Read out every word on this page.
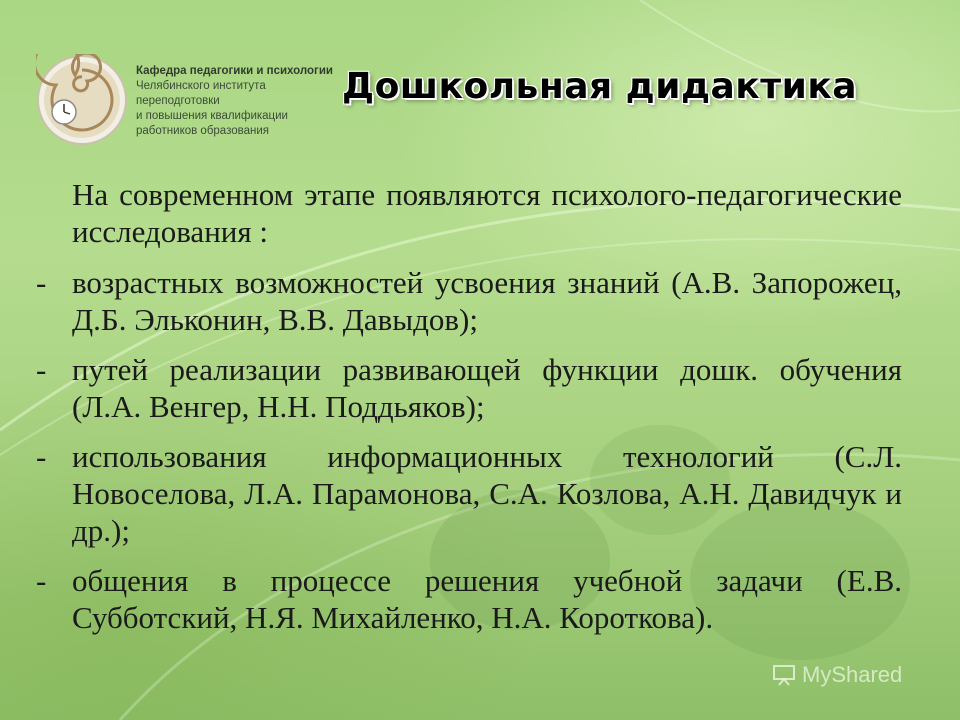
Кафедра педагогики и психологии
Челябинского института переподготовки
и повышения квалификации
работников образования
Дошкольная дидактика

На современном этапе появляются психолого-педагогические исследования :

- возрастных возможностей усвоения знаний (А.В. Запорожец, Д.Б. Эльконин, В.В. Давыдов);
- путей реализации развивающей функции дошк. обучения (Л.А. Венгер, Н.Н. Поддьяков);
- использования информационных технологий (С.Л. Новоселова, Л.А. Парамонова, С.А. Козлова, А.Н. Давидчук и др.);
- общения в процессе решения учебной задачи (Е.В. Субботский, Н.Я. Михайленко, Н.А. Короткова).
MyShared
